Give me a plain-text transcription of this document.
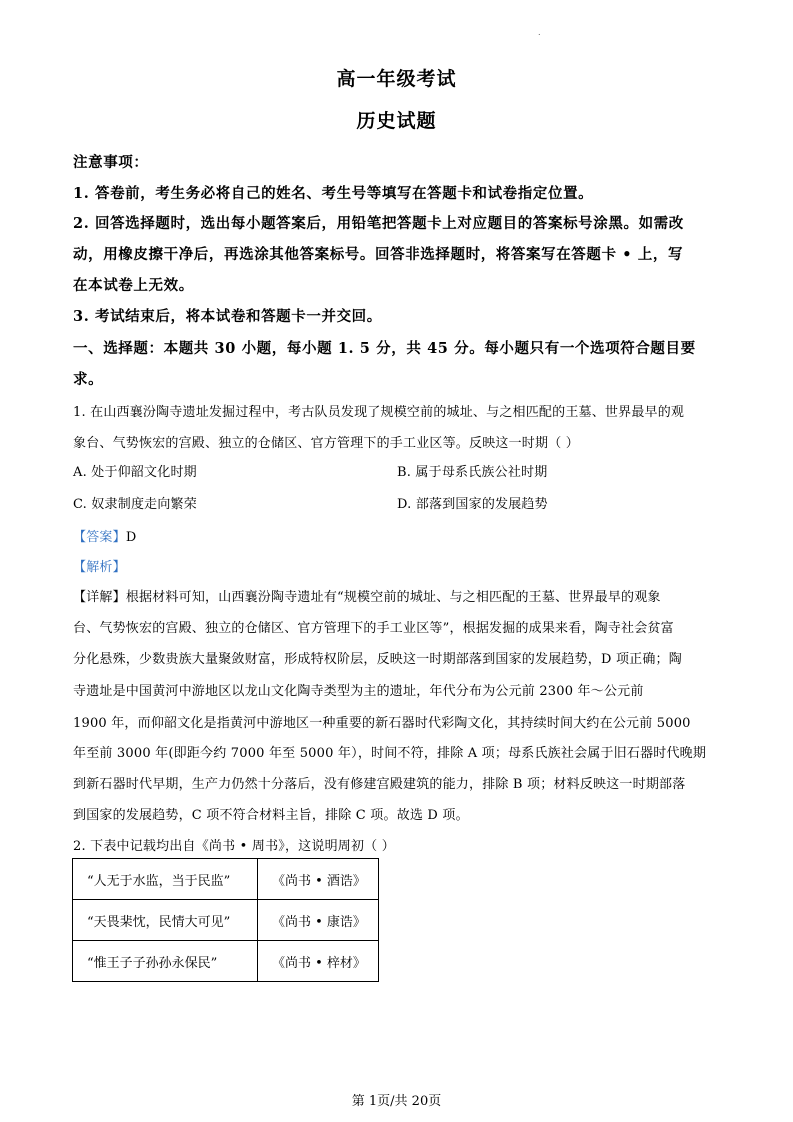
.
高一年级考试
历史试题
注意事项：
1. 答卷前，考生务必将自己的姓名、考生号等填写在答题卡和试卷指定位置。
2. 回答选择题时，选出每小题答案后，用铅笔把答题卡上对应题目的答案标号涂黑。如需改
动，用橡皮擦干净后，再选涂其他答案标号。回答非选择题时，将答案写在答题卡 • 上，写
在本试卷上无效。
3. 考试结束后，将本试卷和答题卡一并交回。
一、选择题：本题共 30 小题，每小题 1. 5 分，共 45 分。每小题只有一个选项符合题目要
求。
1. 在山西襄汾陶寺遗址发掘过程中，考古队员发现了规模空前的城址、与之相匹配的王墓、世界最早的观
象台、气势恢宏的宫殿、独立的仓储区、官方管理下的手工业区等。反映这一时期（ ）
A. 处于仰韶文化时期	B. 属于母系氏族公社时期
C. 奴隶制度走向繁荣	D. 部落到国家的发展趋势
【答案】D
【解析】
【详解】根据材料可知，山西襄汾陶寺遗址有“规模空前的城址、与之相匹配的王墓、世界最早的观象
台、气势恢宏的宫殿、独立的仓储区、官方管理下的手工业区等”，根据发掘的成果来看，陶寺社会贫富
分化悬殊，少数贵族大量聚敛财富，形成特权阶层，反映这一时期部落到国家的发展趋势，D 项正确；陶
寺遗址是中国黄河中游地区以龙山文化陶寺类型为主的遗址，年代分布为公元前 2300 年～公元前
1900 年，而仰韶文化是指黄河中游地区一种重要的新石器时代彩陶文化，其持续时间大约在公元前 5000
年至前 3000 年(即距今约 7000 年至 5000 年），时间不符，排除 A 项；母系氏族社会属于旧石器时代晚期
到新石器时代早期，生产力仍然十分落后，没有修建宫殿建筑的能力，排除 B 项；材料反映这一时期部落
到国家的发展趋势，C 项不符合材料主旨，排除 C 项。故选 D 项。
2. 下表中记载均出自《尚书 • 周书》，这说明周初（ ）
“人无于水监，当于民监”	《尚书 • 酒诰》
“天畏棐忱，民情大可见”	《尚书 • 康诰》
“惟王子子孙孙永保民”	《尚书 • 梓材》
第 1页/共 20页
